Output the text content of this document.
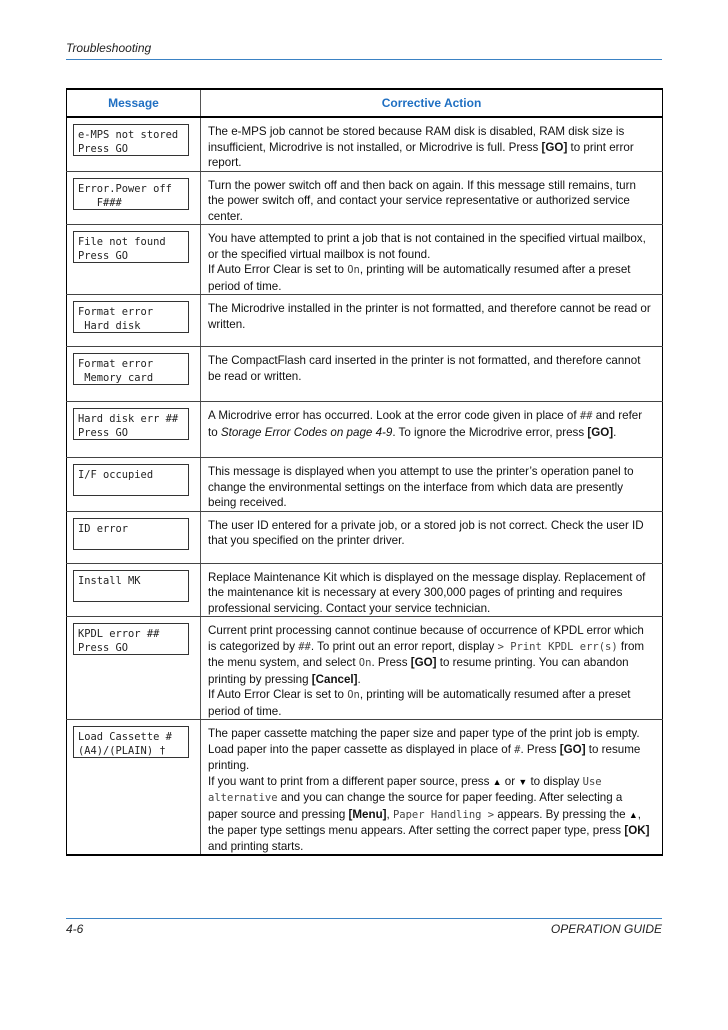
Troubleshooting
Message	Corrective Action

e-MPS not stored
Press GO	The e-MPS job cannot be stored because RAM disk is disabled, RAM disk size is insufficient, Microdrive is not installed, or Microdrive is full. Press [GO] to print error report.

Error.Power off
F###	Turn the power switch off and then back on again. If this message still remains, turn the power switch off, and contact your service representative or authorized service center.

File not found
Press GO	You have attempted to print a job that is not contained in the specified virtual mailbox, or the specified virtual mailbox is not found.
If Auto Error Clear is set to On, printing will be automatically resumed after a preset period of time.

Format error
Hard disk	The Microdrive installed in the printer is not formatted, and therefore cannot be read or written.

Format error
Memory card	The CompactFlash card inserted in the printer is not formatted, and therefore cannot be read or written.

Hard disk err ##
Press GO	A Microdrive error has occurred. Look at the error code given in place of ## and refer to Storage Error Codes on page 4-9. To ignore the Microdrive error, press [GO].

I/F occupied	This message is displayed when you attempt to use the printer’s operation panel to change the environmental settings on the interface from which data are presently being received.

ID error	The user ID entered for a private job, or a stored job is not correct. Check the user ID that you specified on the printer driver.

Install MK	Replace Maintenance Kit which is displayed on the message display. Replacement of the maintenance kit is necessary at every 300,000 pages of printing and requires professional servicing. Contact your service technician.

KPDL error ##
Press GO	Current print processing cannot continue because of occurrence of KPDL error which is categorized by ##. To print out an error report, display > Print KPDL err(s) from the menu system, and select On. Press [GO] to resume printing. You can abandon printing by pressing [Cancel].
If Auto Error Clear is set to On, printing will be automatically resumed after a preset period of time.

Load Cassette #
(A4)/(PLAIN) †	The paper cassette matching the paper size and paper type of the print job is empty. Load paper into the paper cassette as displayed in place of #. Press [GO] to resume printing.
If you want to print from a different paper source, press ▲ or ▼ to display Use alternative and you can change the source for paper feeding. After selecting a paper source and pressing [Menu], Paper Handling > appears. By pressing the ▲, the paper type settings menu appears. After setting the correct paper type, press [OK] and printing starts.
4-6	OPERATION GUIDE
